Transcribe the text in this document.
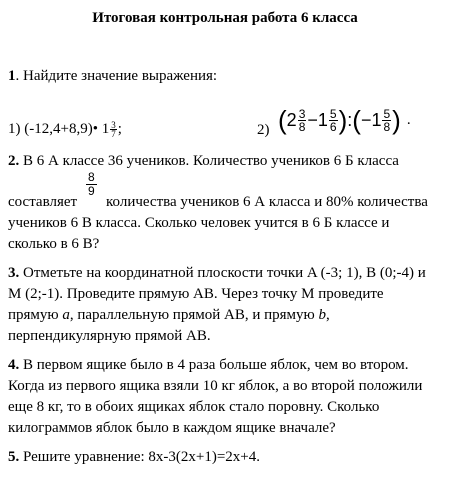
Итоговая контрольная работа 6 класса
1. Найдите значение выражения:
1) (-12,4+8,9)• $1 \frac{3}{7}$ ;	2) ( $2 \frac{3}{8} -1 \frac{5}{6}$ ) : ( $-1 \frac{5}{8}$ ) .
2. В 6 А классе 36 учеников. Количество учеников 6 Б класса
составляет
$\frac{8}{9}$
количества учеников 6 А класса и 80% количества
учеников 6 В класса. Сколько человек учится в 6 Б классе и
сколько в 6 В?
3. Отметьте на координатной плоскости точки A (-3; 1), B (0;-4) и
M (2;-1). Проведите прямую AB. Через точку M проведите
прямую a, параллельную прямой AB, и прямую b,
перпендикулярную прямой AB.
4. В первом ящике было в 4 раза больше яблок, чем во втором.
Когда из первого ящика взяли 10 кг яблок, а во второй положили
еще 8 кг, то в обоих ящиках яблок стало поровну. Сколько
килограммов яблок было в каждом ящике вначале?
5. Решите уравнение: 8x-3(2x+1)=2x+4.
